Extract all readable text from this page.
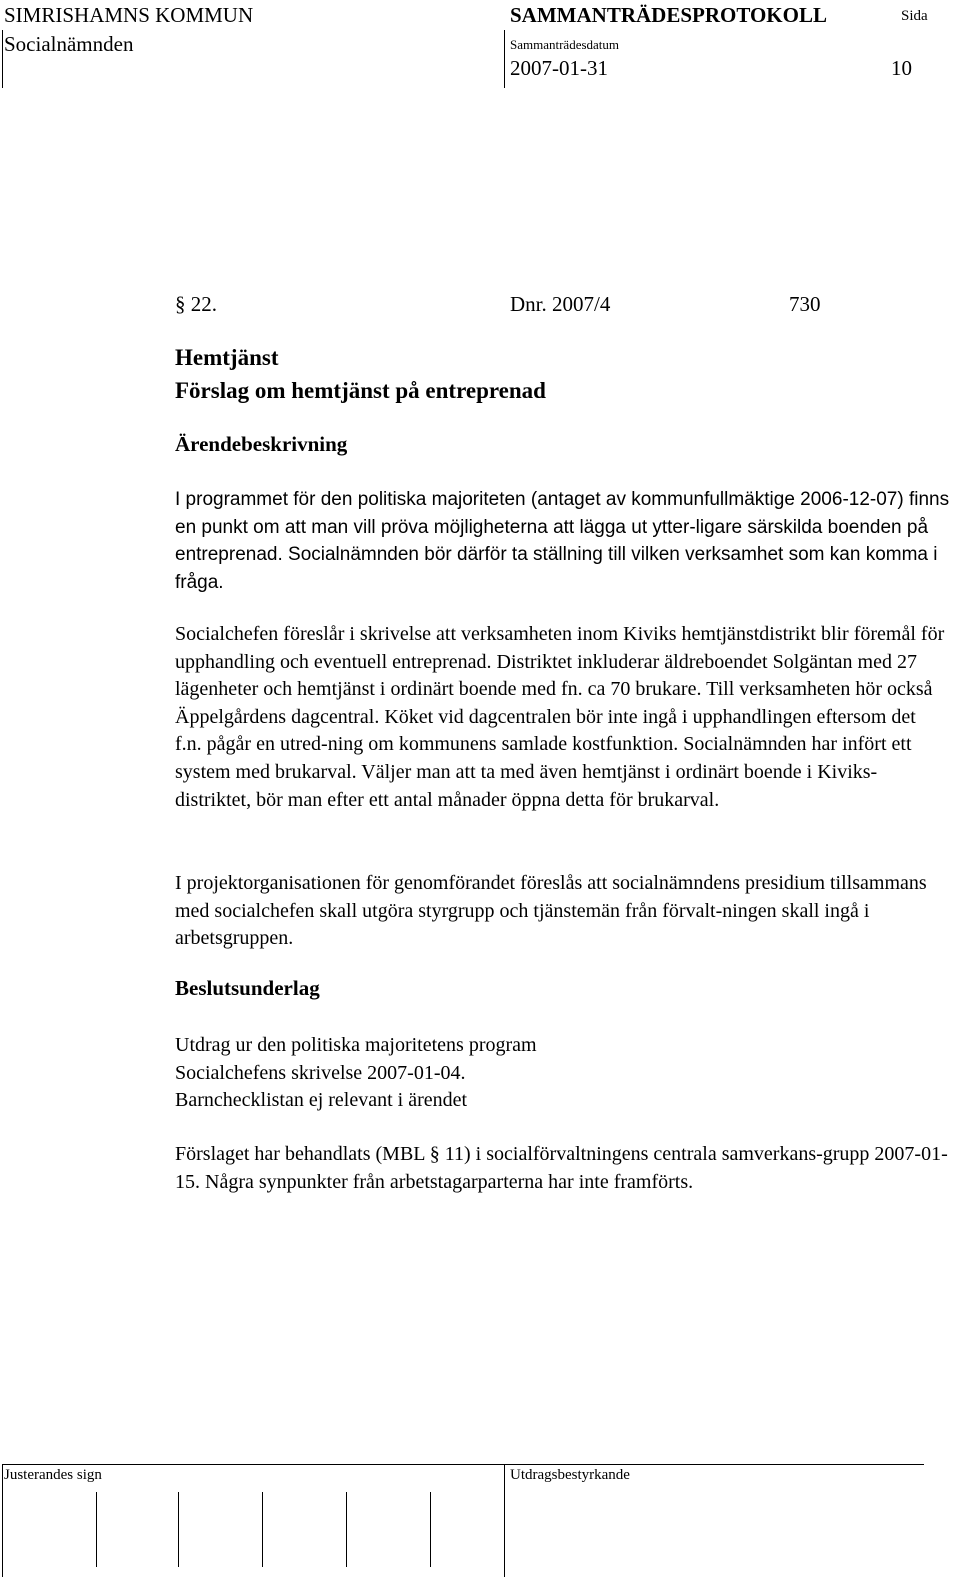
SIMRISHAMNS KOMMUN
Socialnämnden
SAMMANTRÄDESPROTOKOLL	Sida
Sammanträdesdatum
2007-01-31	10
§ 22.	Dnr. 2007/4	730
Hemtjänst
Förslag om hemtjänst på entreprenad
Ärendebeskrivning

I programmet för den politiska majoriteten (antaget av kommunfullmäktige 2006-12-07) finns en punkt om att man vill pröva möjligheterna att lägga ut ytter-ligare särskilda boenden på entreprenad. Socialnämnden bör därför ta ställning till vilken verksamhet som kan komma i fråga.

Socialchefen föreslår i skrivelse att verksamheten inom Kiviks hemtjänstdistrikt blir föremål för upphandling och eventuell entreprenad. Distriktet inkluderar äldreboendet Solgäntan med 27 lägenheter och hemtjänst i ordinärt boende med fn. ca 70 brukare. Till verksamheten hör också Äppelgårdens dagcentral. Köket vid dagcentralen bör inte ingå i upphandlingen eftersom det f.n. pågår en utred-ning om kommunens samlade kostfunktion. Socialnämnden har infört ett system med brukarval. Väljer man att ta med även hemtjänst i ordinärt boende i Kiviks-distriktet, bör man efter ett antal månader öppna detta för brukarval.

I projektorganisationen för genomförandet föreslås att socialnämndens presidium tillsammans med socialchefen skall utgöra styrgrupp och tjänstemän från förvalt-ningen skall ingå i arbetsgruppen.

Beslutsunderlag

Utdrag ur den politiska majoritetens program

Socialchefens skrivelse 2007-01-04.

Barnchecklistan ej relevant i ärendet

Förslaget har behandlats (MBL § 11) i socialförvaltningens centrala samverkans-grupp 2007-01-15. Några synpunkter från arbetstagarparterna har inte framförts.

Justerandes sign	Utdragsbestyrkande
